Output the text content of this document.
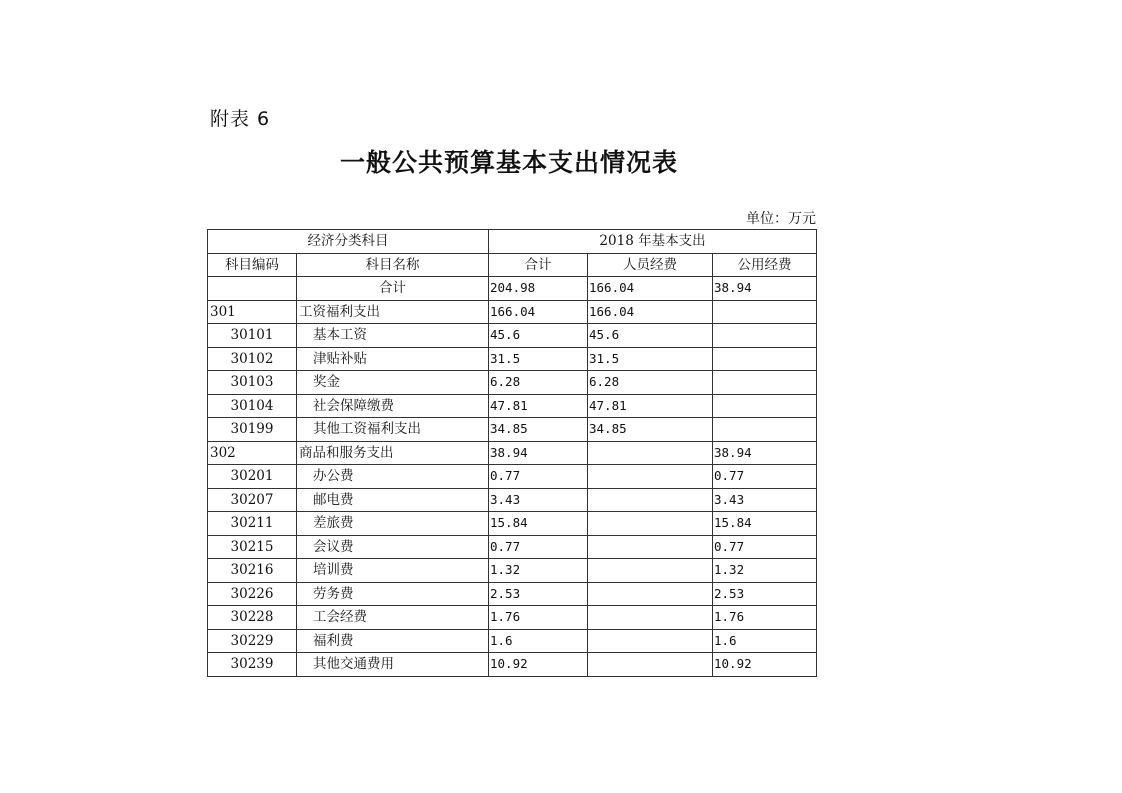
附表 6
一般公共预算基本支出情况表
单位：万元
经济分类科目		2018 年基本支出		
科目编码	科目名称	合计	人员经费	公用经费
	合计	204.98	166.04	38.94
301	工资福利支出	166.04	166.04	
30101	基本工资	45.6	45.6	
30102	津贴补贴	31.5	31.5	
30103	奖金	6.28	6.28	
30104	社会保障缴费	47.81	47.81	
30199	其他工资福利支出	34.85	34.85	
302	商品和服务支出	38.94		38.94
30201	办公费	0.77		0.77
30207	邮电费	3.43		3.43
30211	差旅费	15.84		15.84
30215	会议费	0.77		0.77
30216	培训费	1.32		1.32
30226	劳务费	2.53		2.53
30228	工会经费	1.76		1.76
30229	福利费	1.6		1.6
30239	其他交通费用	10.92		10.92
